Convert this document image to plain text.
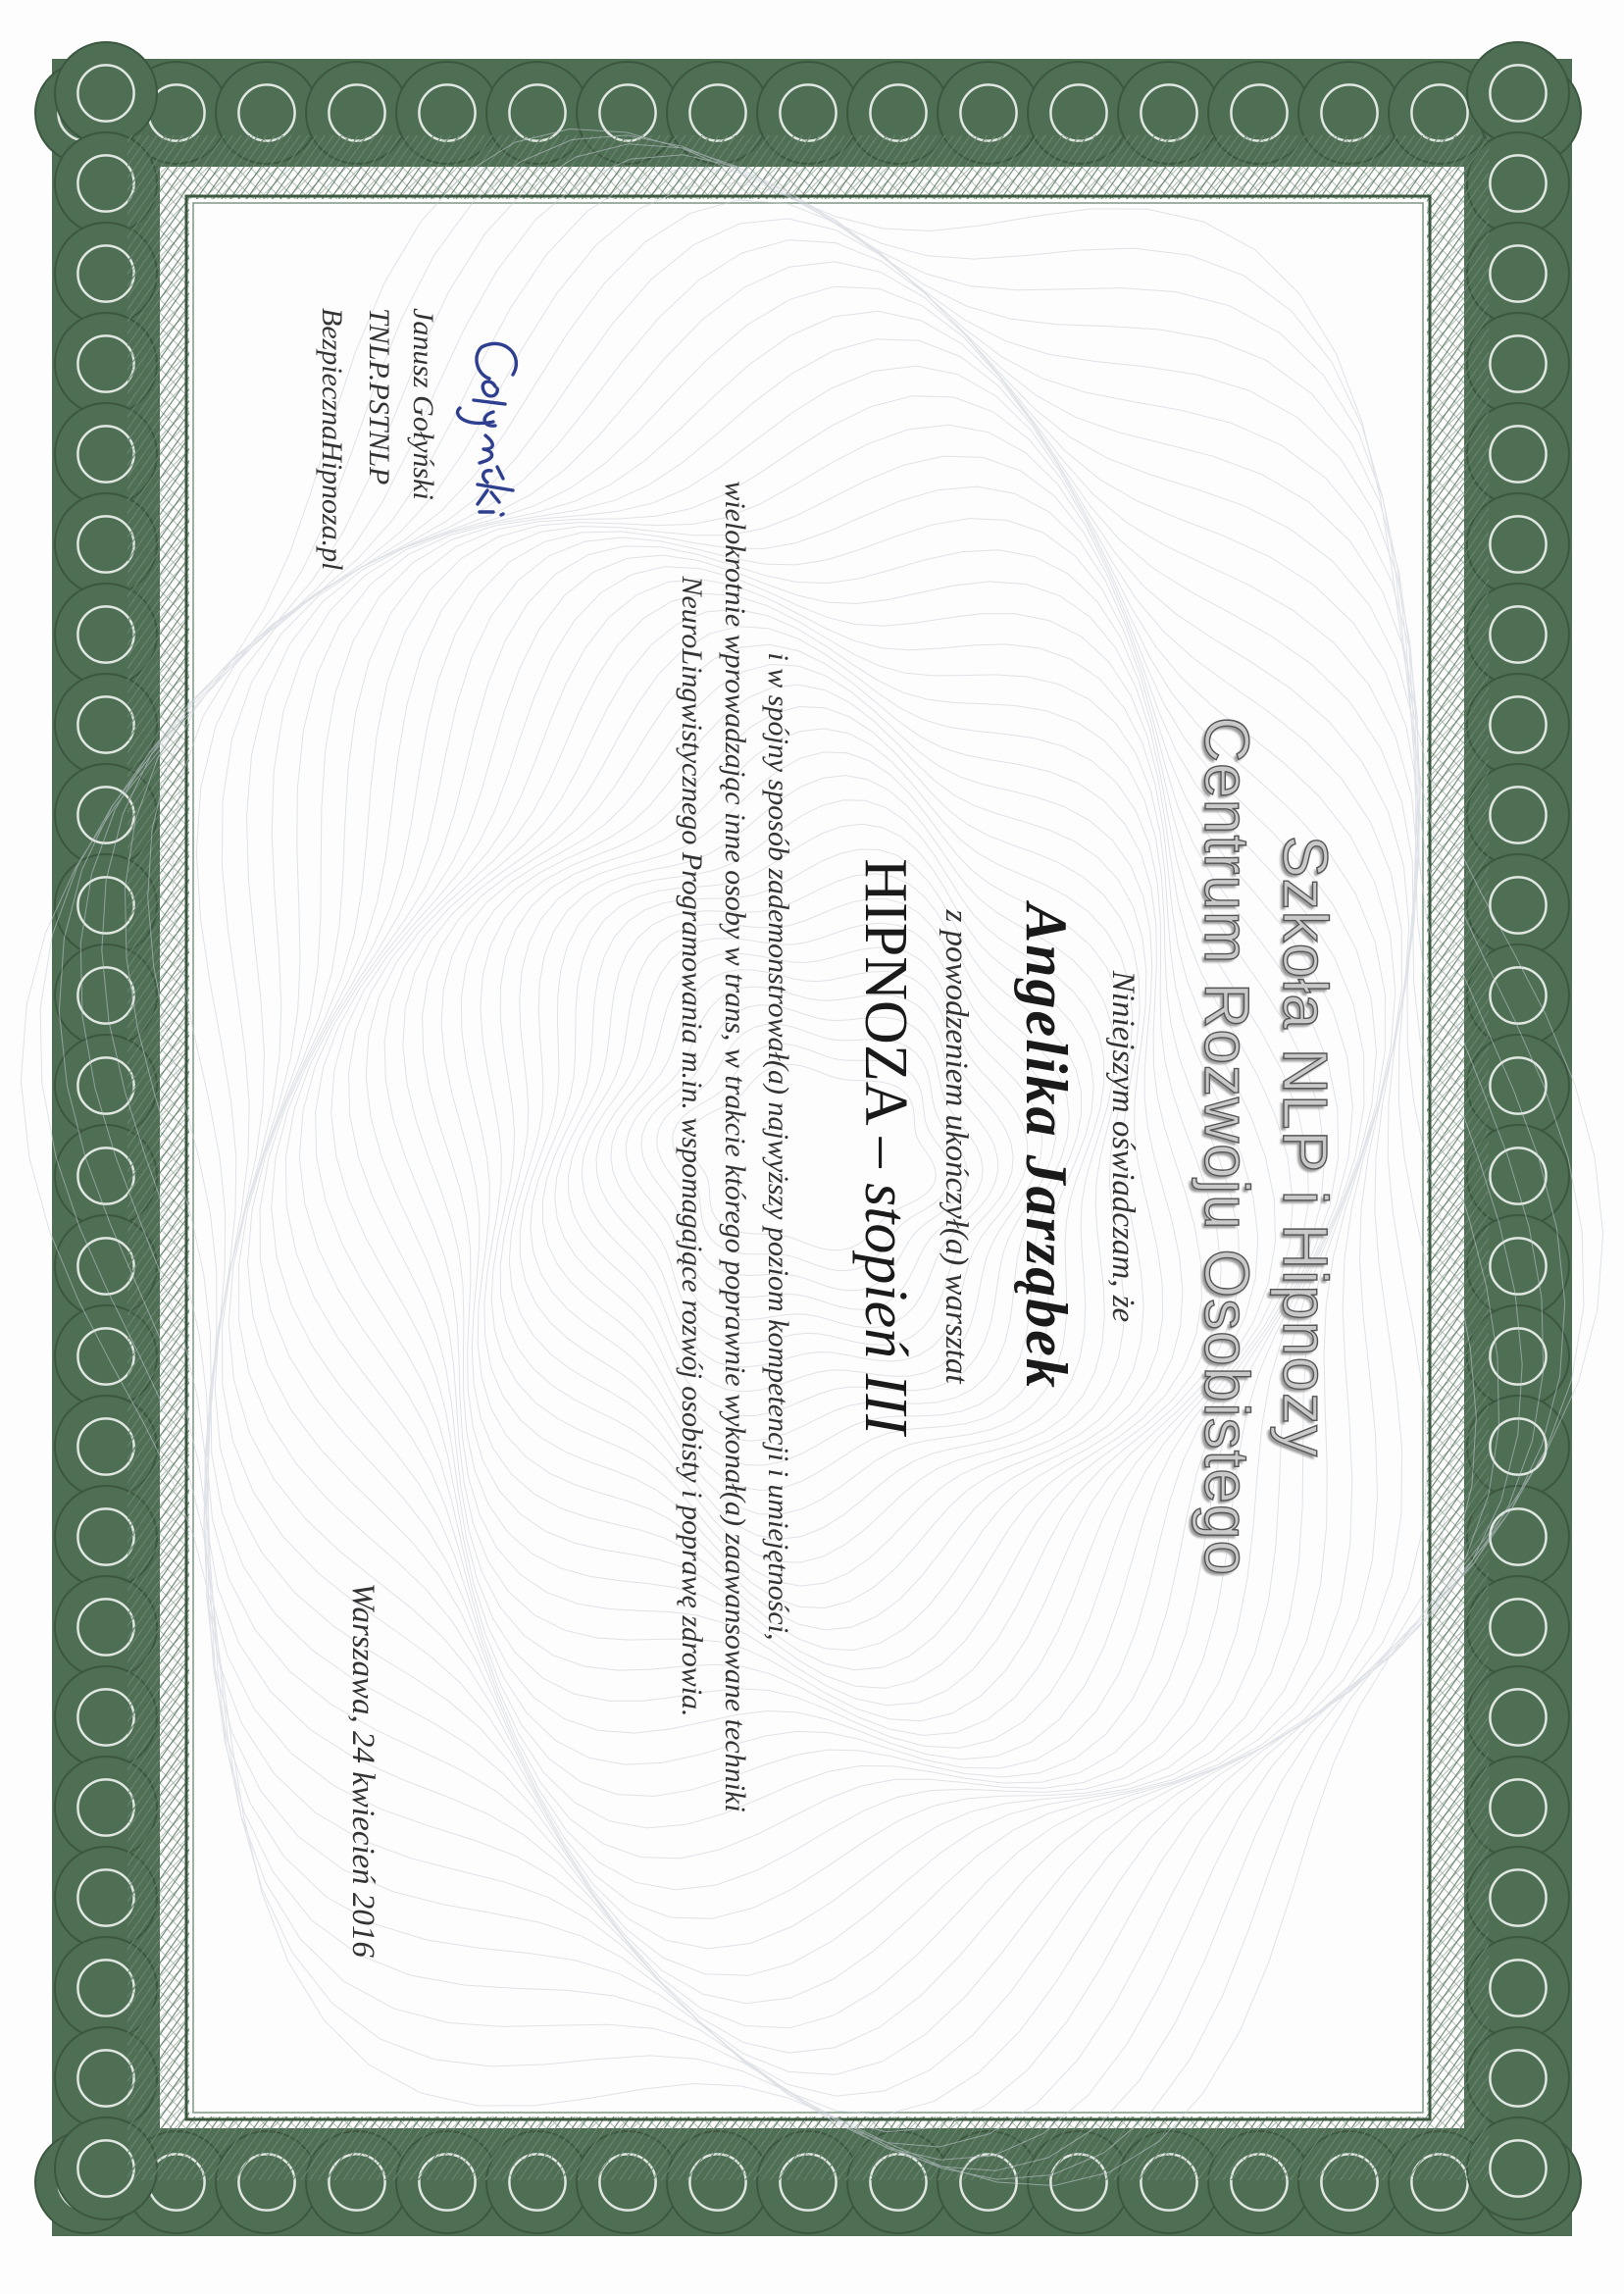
Szkoła NLP i Hipnozy
Centrum Rozwoju Osobistego
Niniejszym oświadczam, że
Angelika Jarząbek
z powodzeniem ukończył(a) warsztat
HIPNOZA – stopień III
i w spójny sposób zademonstrował(a) najwyższy poziom kompetencji i umiejętności,
wielokrotnie wprowadzając inne osoby w trans, w trakcie którego poprawnie wykonał(a) zaawansowane techniki
NeuroLingwistycznego Programowania m.in. wspomagające rozwój osobisty i poprawę zdrowia.
Janusz Gołyński
TNLP.PSTNLP
BezpiecznaHipnoza.pl
Warszawa, 24 kwiecień 2016
